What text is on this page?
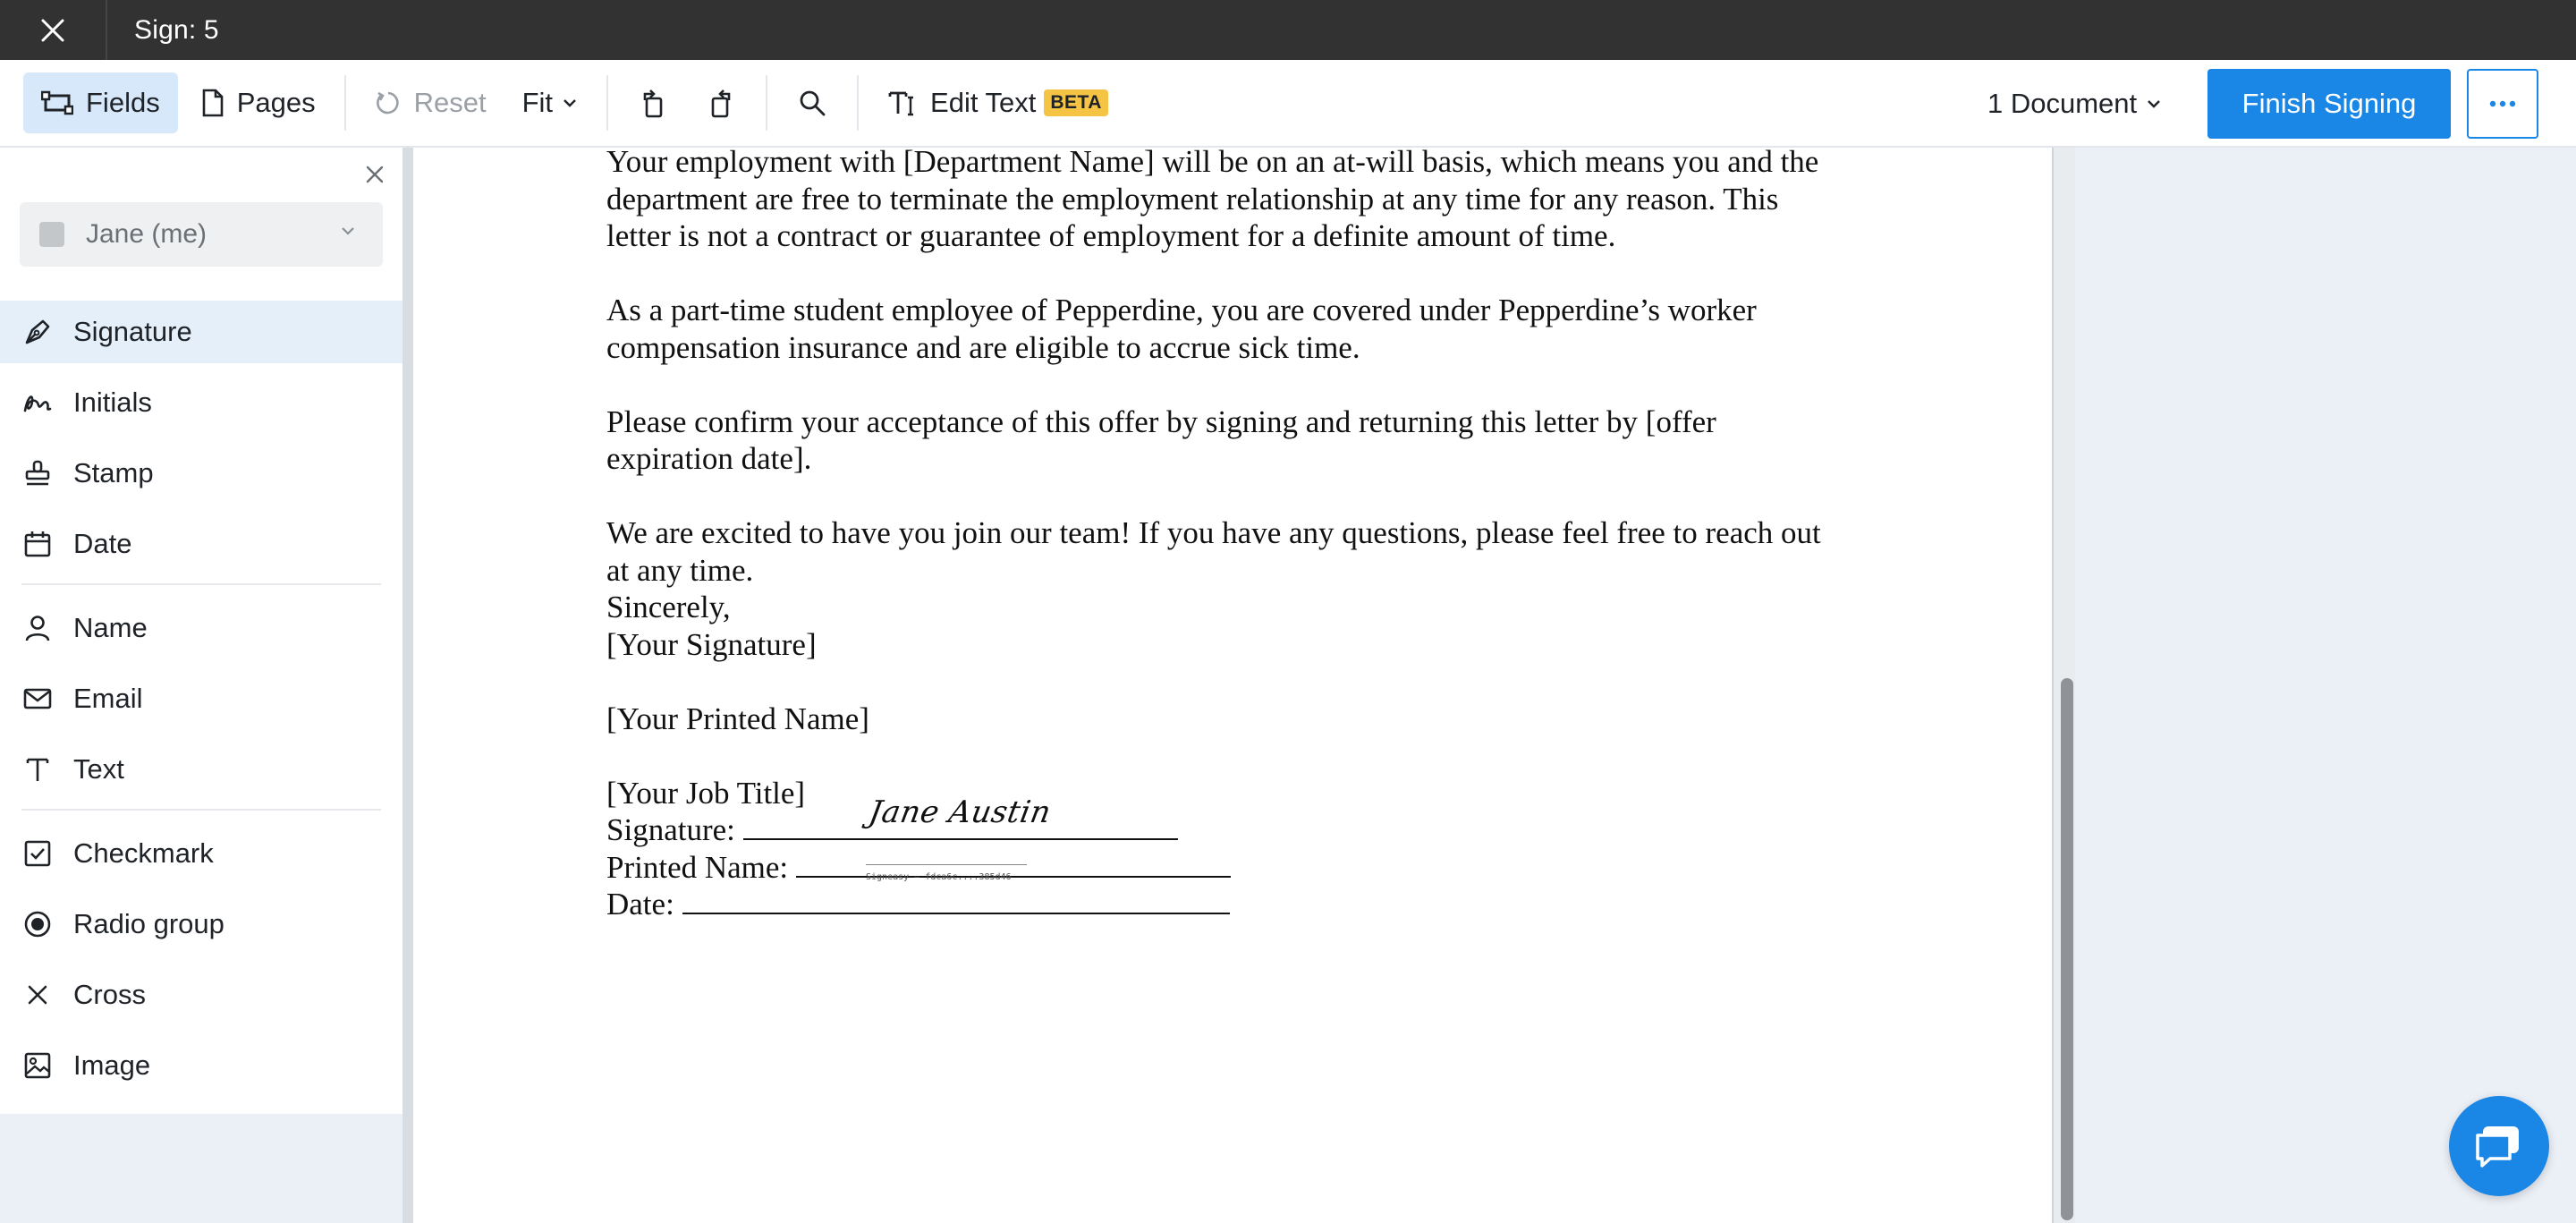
Sign: 5
Fields	Pages	Reset Fit	Edit Text BETA	1 Document	Finish Signing
Jane (me)
Signature
Initials
Stamp
Date
Name
Email
Text
Checkmark
Radio group
Cross
Image

Your employment with [Department Name] will be on an at-will basis, which means you and the

department are free to terminate the employment relationship at any time for any reason. This

letter is not a contract or guarantee of employment for a definite amount of time.

As a part-time student employee of Pepperdine, you are covered under Pepperdine’s worker

compensation insurance and are eligible to accrue sick time.

Please confirm your acceptance of this offer by signing and returning this letter by [offer

expiration date].

We are excited to have you join our team! If you have any questions, please feel free to reach out

at any time.

Sincerely,

[Your Signature]

[Your Printed Name]

[Your Job Title]

Signature:

Printed Name:

Date:

Jane Austin
Signeasy — fdca6c....385d46
